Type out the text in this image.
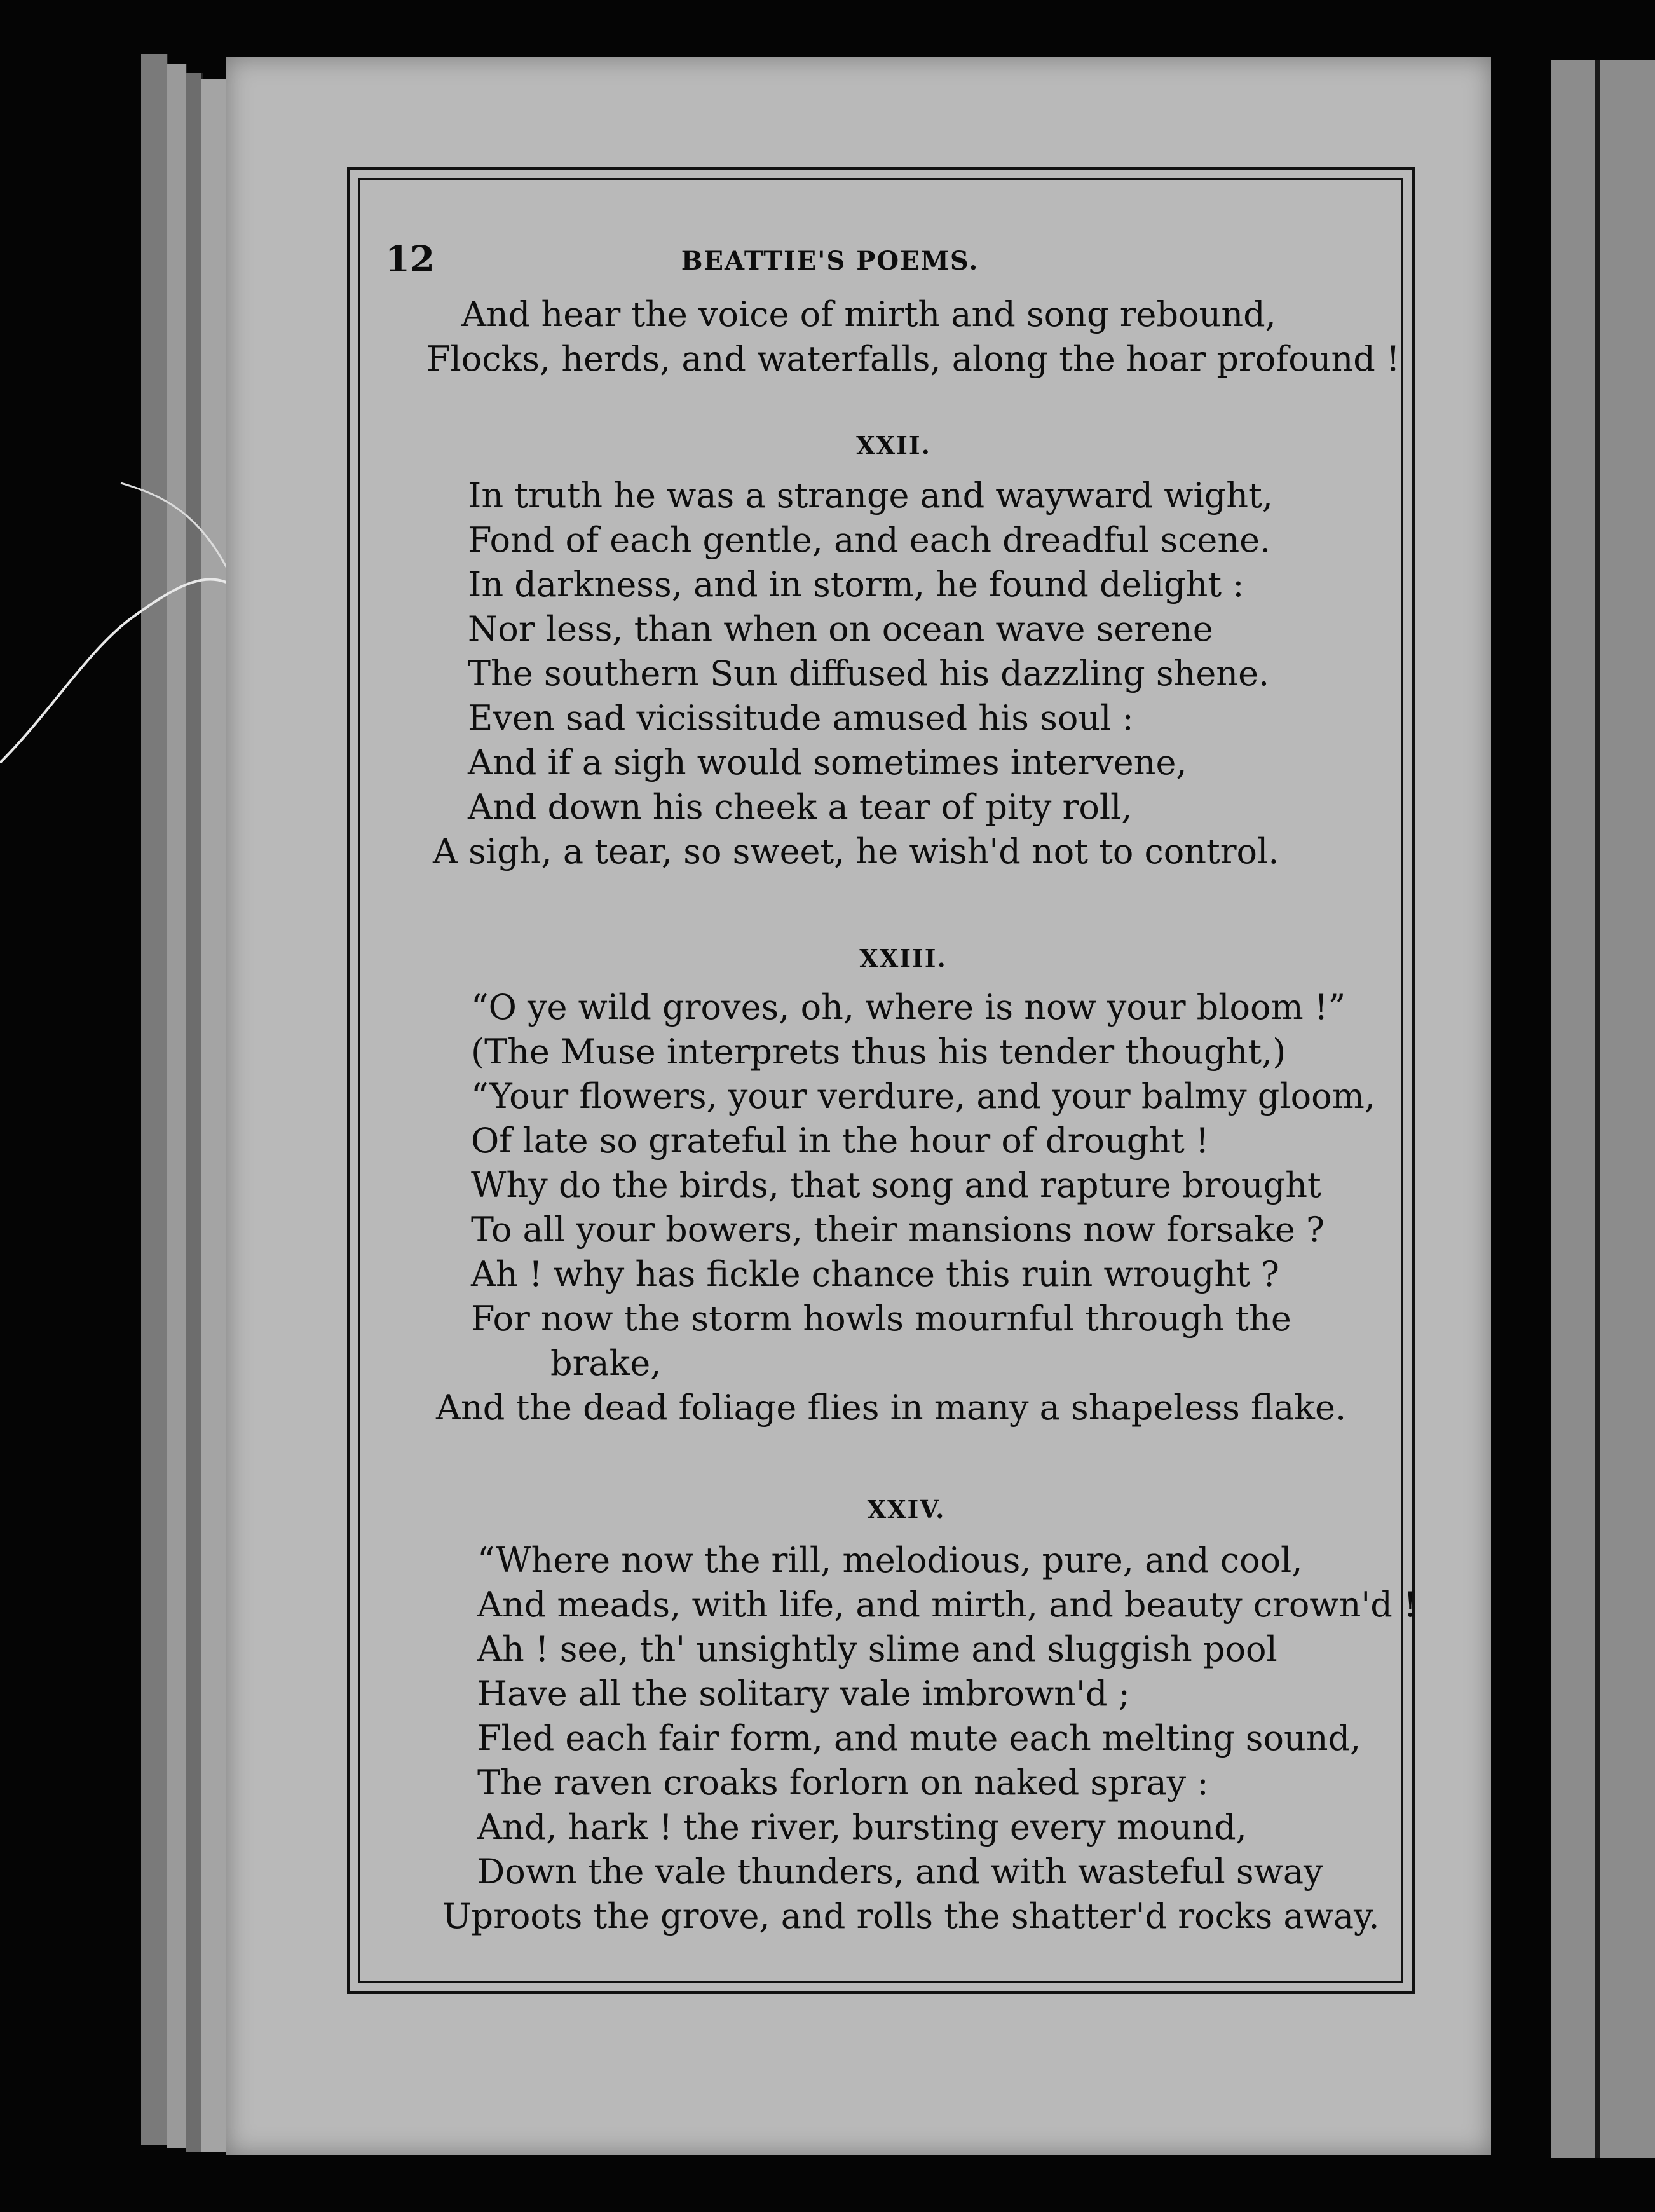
12	BEATTIE'S POEMS.
And hear the voice of mirth and song rebound,
Flocks, herds, and waterfalls, along the hoar profound !
XXII.
In truth he was a strange and wayward wight,
Fond of each gentle, and each dreadful scene.
In darkness, and in storm, he found delight :
Nor less, than when on ocean wave serene
The southern Sun diffused his dazzling shene.
Even sad vicissitude amused his soul :
And if a sigh would sometimes intervene,
And down his cheek a tear of pity roll,
A sigh, a tear, so sweet, he wish'd not to control.
XXIII.
“O ye wild groves, oh, where is now your bloom !”
(The Muse interprets thus his tender thought,)
“Your flowers, your verdure, and your balmy gloom,
Of late so grateful in the hour of drought !
Why do the birds, that song and rapture brought
To all your bowers, their mansions now forsake ?
Ah ! why has fickle chance this ruin wrought ?
For now the storm howls mournful through the
brake,
And the dead foliage flies in many a shapeless flake.
XXIV.
“Where now the rill, melodious, pure, and cool,
And meads, with life, and mirth, and beauty crown'd !
Ah ! see, th' unsightly slime and sluggish pool
Have all the solitary vale imbrown'd ;
Fled each fair form, and mute each melting sound,
The raven croaks forlorn on naked spray :
And, hark ! the river, bursting every mound,
Down the vale thunders, and with wasteful sway
Uproots the grove, and rolls the shatter'd rocks away.
